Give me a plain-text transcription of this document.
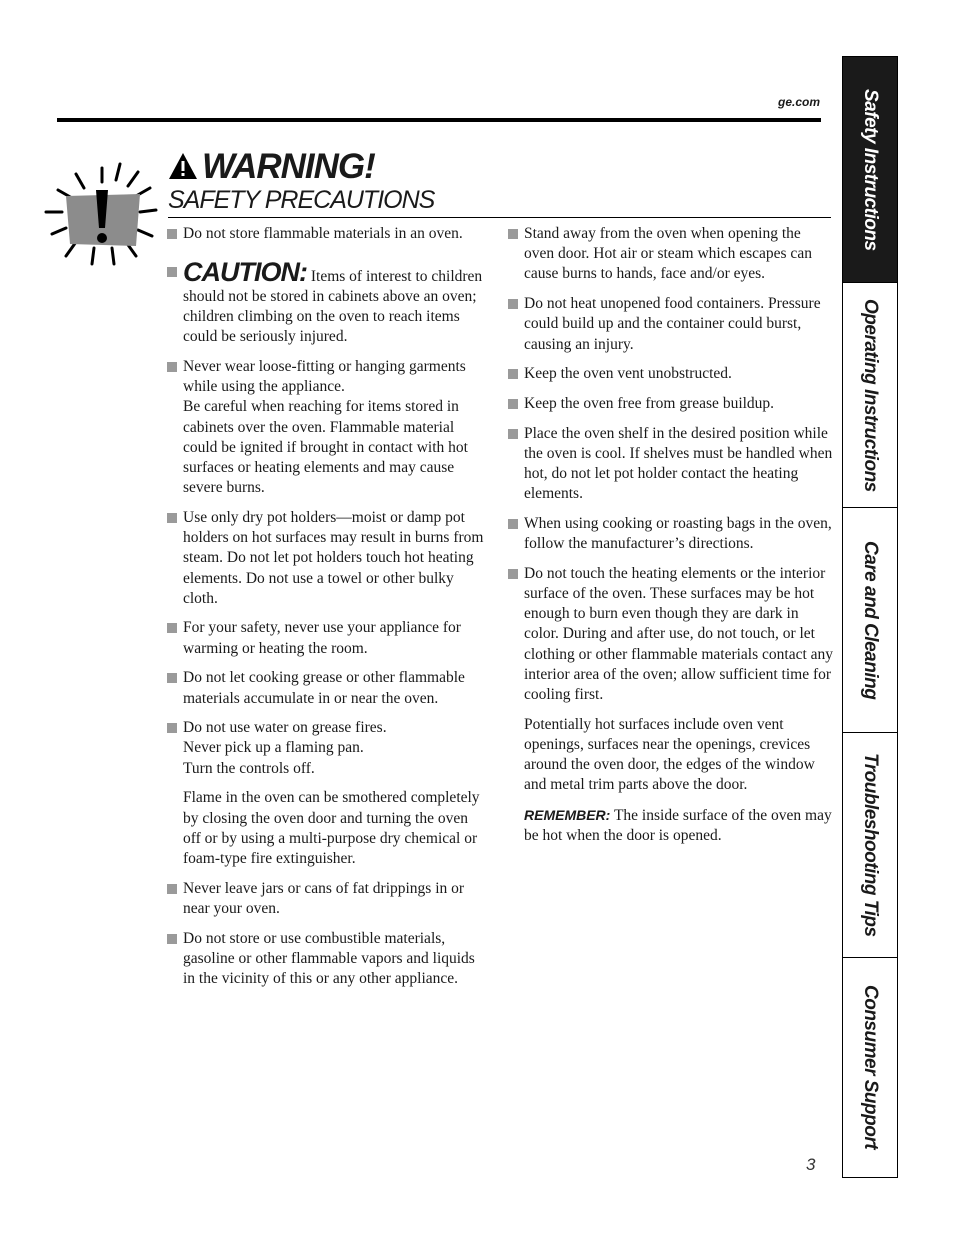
ge.com
WARNING!
SAFETY PRECAUTIONS
Do not store flammable materials in an oven.
CAUTION: Items of interest to children should not be stored in cabinets above an oven; children climbing on the oven to reach items could be seriously injured.
Never wear loose-fitting or hanging garments while using the appliance.
Be careful when reaching for items stored in cabinets over the oven. Flammable material could be ignited if brought in contact with hot surfaces or heating elements and may cause severe burns.
Use only dry pot holders—moist or damp pot holders on hot surfaces may result in burns from steam. Do not let pot holders touch hot heating elements. Do not use a towel or other bulky cloth.
For your safety, never use your appliance for warming or heating the room.
Do not let cooking grease or other flammable materials accumulate in or near the oven.
Do not use water on grease fires.
Never pick up a flaming pan.
Turn the controls off.
Flame in the oven can be smothered completely by closing the oven door and turning the oven off or by using a multi-purpose dry chemical or foam-type fire extinguisher.
Never leave jars or cans of fat drippings in or near your oven.
Do not store or use combustible materials, gasoline or other flammable vapors and liquids in the vicinity of this or any other appliance.
Stand away from the oven when opening the oven door. Hot air or steam which escapes can cause burns to hands, face and/or eyes.
Do not heat unopened food containers. Pressure could build up and the container could burst, causing an injury.
Keep the oven vent unobstructed.
Keep the oven free from grease buildup.
Place the oven shelf in the desired position while the oven is cool. If shelves must be handled when hot, do not let pot holder contact the heating elements.
When using cooking or roasting bags in the oven, follow the manufacturer’s directions.
Do not touch the heating elements or the interior surface of the oven. These surfaces may be hot enough to burn even though they are dark in color. During and after use, do not touch, or let clothing or other flammable materials contact any interior area of the oven; allow sufficient time for cooling first.
Potentially hot surfaces include oven vent openings, surfaces near the openings, crevices around the oven door, the edges of the window and metal trim parts above the door.
REMEMBER: The inside surface of the oven may be hot when the door is opened.
3
Safety Instructions
Operating Instructions
Care and Cleaning
Troubleshooting Tips
Consumer Support
